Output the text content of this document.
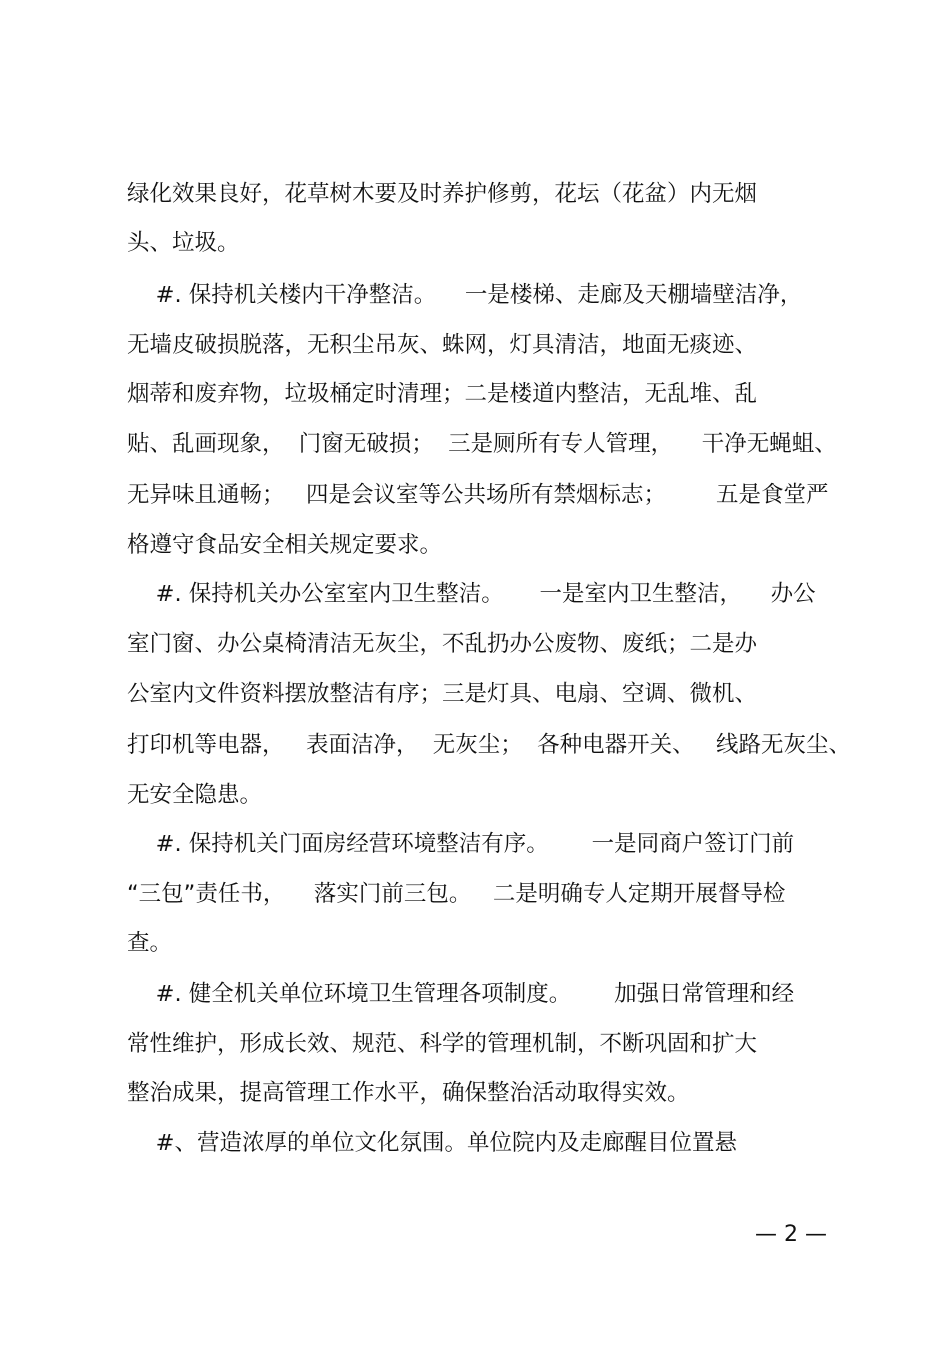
绿化效果良好，花草树木要及时养护修剪，花坛（花盆）内无烟
头、垃圾。
#. 保持机关楼内干净整洁。    一是楼梯、走廊及天棚墙壁洁净，
无墙皮破损脱落，无积尘吊灰、蛛网，灯具清洁，地面无痰迹、
烟蒂和废弃物，垃圾桶定时清理；二是楼道内整洁，无乱堆、乱
贴、乱画现象，  门窗无破损；  三是厕所有专人管理，    干净无蝇蛆、
无异味且通畅；   四是会议室等公共场所有禁烟标志；       五是食堂严
格遵守食品安全相关规定要求。
#. 保持机关办公室室内卫生整洁。     一是室内卫生整洁，    办公
室门窗、办公桌椅清洁无灰尘，不乱扔办公废物、废纸；二是办
公室内文件资料摆放整洁有序；三是灯具、电扇、空调、微机、
打印机等电器，   表面洁净，  无灰尘；  各种电器开关、   线路无灰尘、
无安全隐患。
#. 保持机关门面房经营环境整洁有序。      一是同商户签订门前
“三包”责任书，    落实门前三包。   二是明确专人定期开展督导检
查。
#. 健全机关单位环境卫生管理各项制度。      加强日常管理和经
常性维护，形成长效、规范、科学的管理机制，不断巩固和扩大
整治成果，提高管理工作水平，确保整治活动取得实效。
#、营造浓厚的单位文化氛围。单位院内及走廊醒目位置悬
— 2 —
